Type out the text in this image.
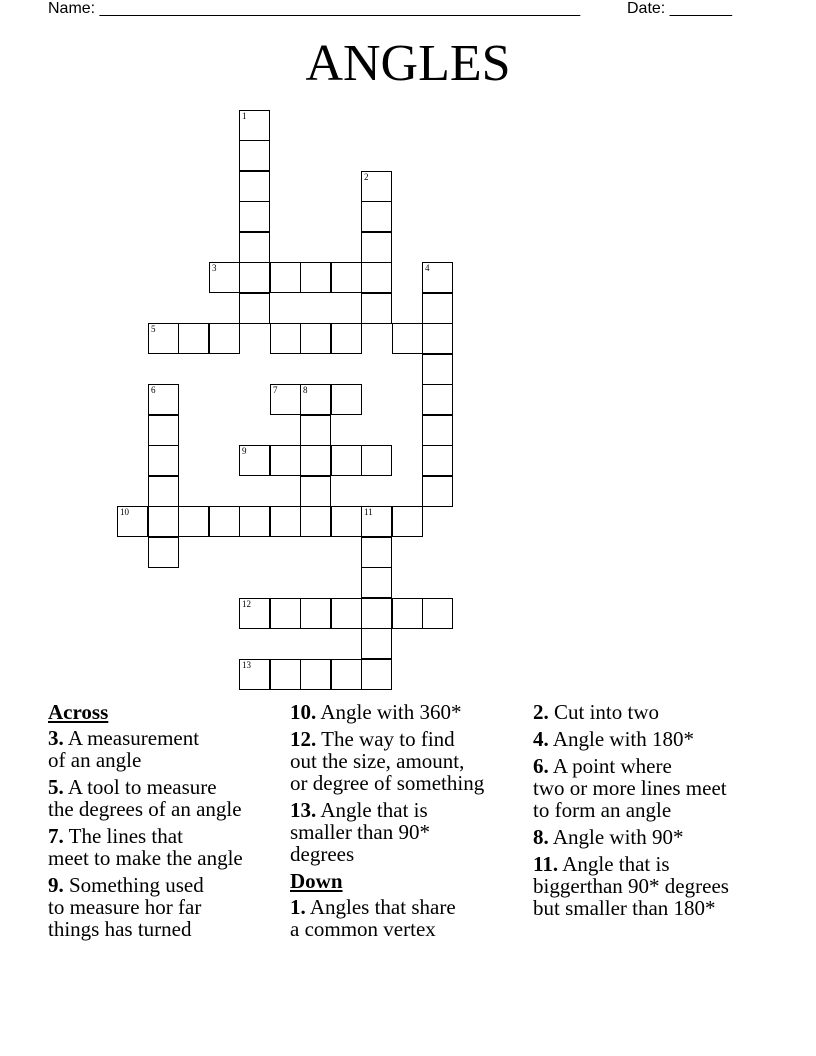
Name: ______________________________________________________	Date: _______
ANGLES
1
2
3	4
5
6	7	8
9
10	11
12
13
Across
3. A measurement
of an angle
5. A tool to measure
the degrees of an angle
7. The lines that
meet to make the angle
9. Something used
to measure hor far
things has turned
10. Angle with 360*
12. The way to find
out the size, amount,
or degree of something
13. Angle that is
smaller than 90*
degrees
Down
1. Angles that share
a common vertex
2. Cut into two
4. Angle with 180*
6. A point where
two or more lines meet
to form an angle
8. Angle with 90*
11. Angle that is
biggerthan 90* degrees
but smaller than 180*
